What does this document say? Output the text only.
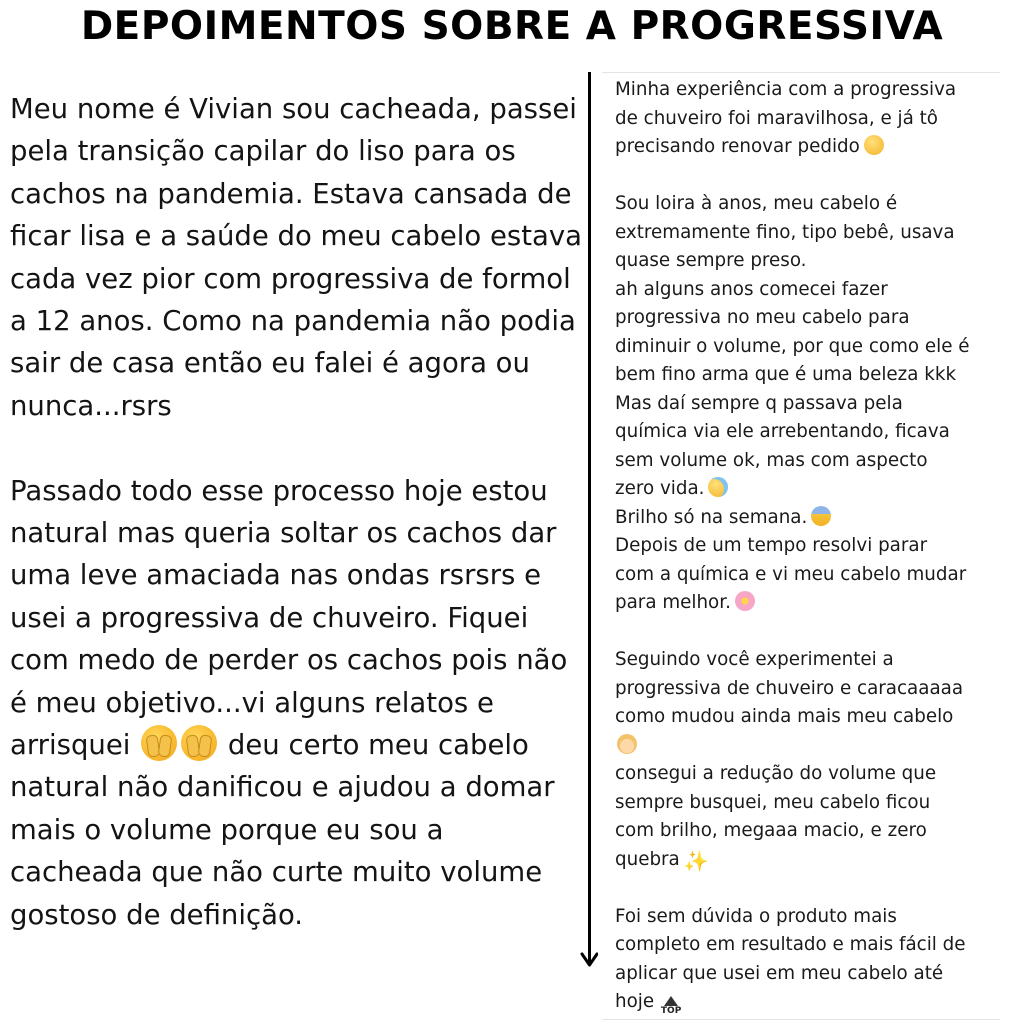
DEPOIMENTOS SOBRE A PROGRESSIVA

Meu nome é Vivian sou cacheada, passei pela transição capilar do liso para os cachos na pandemia. Estava cansada de ficar lisa e a saúde do meu cabelo estava cada vez pior com progressiva de formol a 12 anos. Como na pandemia não podia sair de casa então eu falei é agora ou nunca...rsrs

Passado todo esse processo hoje estou natural mas queria soltar os cachos dar uma leve amaciada nas ondas rsrsrs e usei a progressiva de chuveiro. Fiquei com medo de perder os cachos pois não é meu objetivo...vi alguns relatos e arrisquei	deu certo meu cabelo natural não danificou e ajudou a domar mais o volume porque eu sou a cacheada que não curte muito volume gostoso de definição.

Minha experiência com a progressiva
de chuveiro foi maravilhosa, e já tô
precisando renovar pedido
Sou loira à anos, meu cabelo é
extremamente fino, tipo bebê, usava
quase sempre preso.
ah alguns anos comecei fazer
progressiva no meu cabelo para
diminuir o volume, por que como ele é
bem fino arma que é uma beleza kkk
Mas daí sempre q passava pela
química via ele arrebentando, ficava
sem volume ok, mas com aspecto
zero vida.
Brilho só na semana.
Depois de um tempo resolvi parar
com a química e vi meu cabelo mudar
para melhor.
Seguindo você experimentei a
progressiva de chuveiro e caracaaaaa
como mudou ainda mais meu cabelo
consegui a redução do volume que
sempre busquei, meu cabelo ficou
com brilho, megaaa macio, e zero
quebra ✨
Foi sem dúvida o produto mais
completo em resultado e mais fácil de
aplicar que usei em meu cabelo até
hoje TOP
